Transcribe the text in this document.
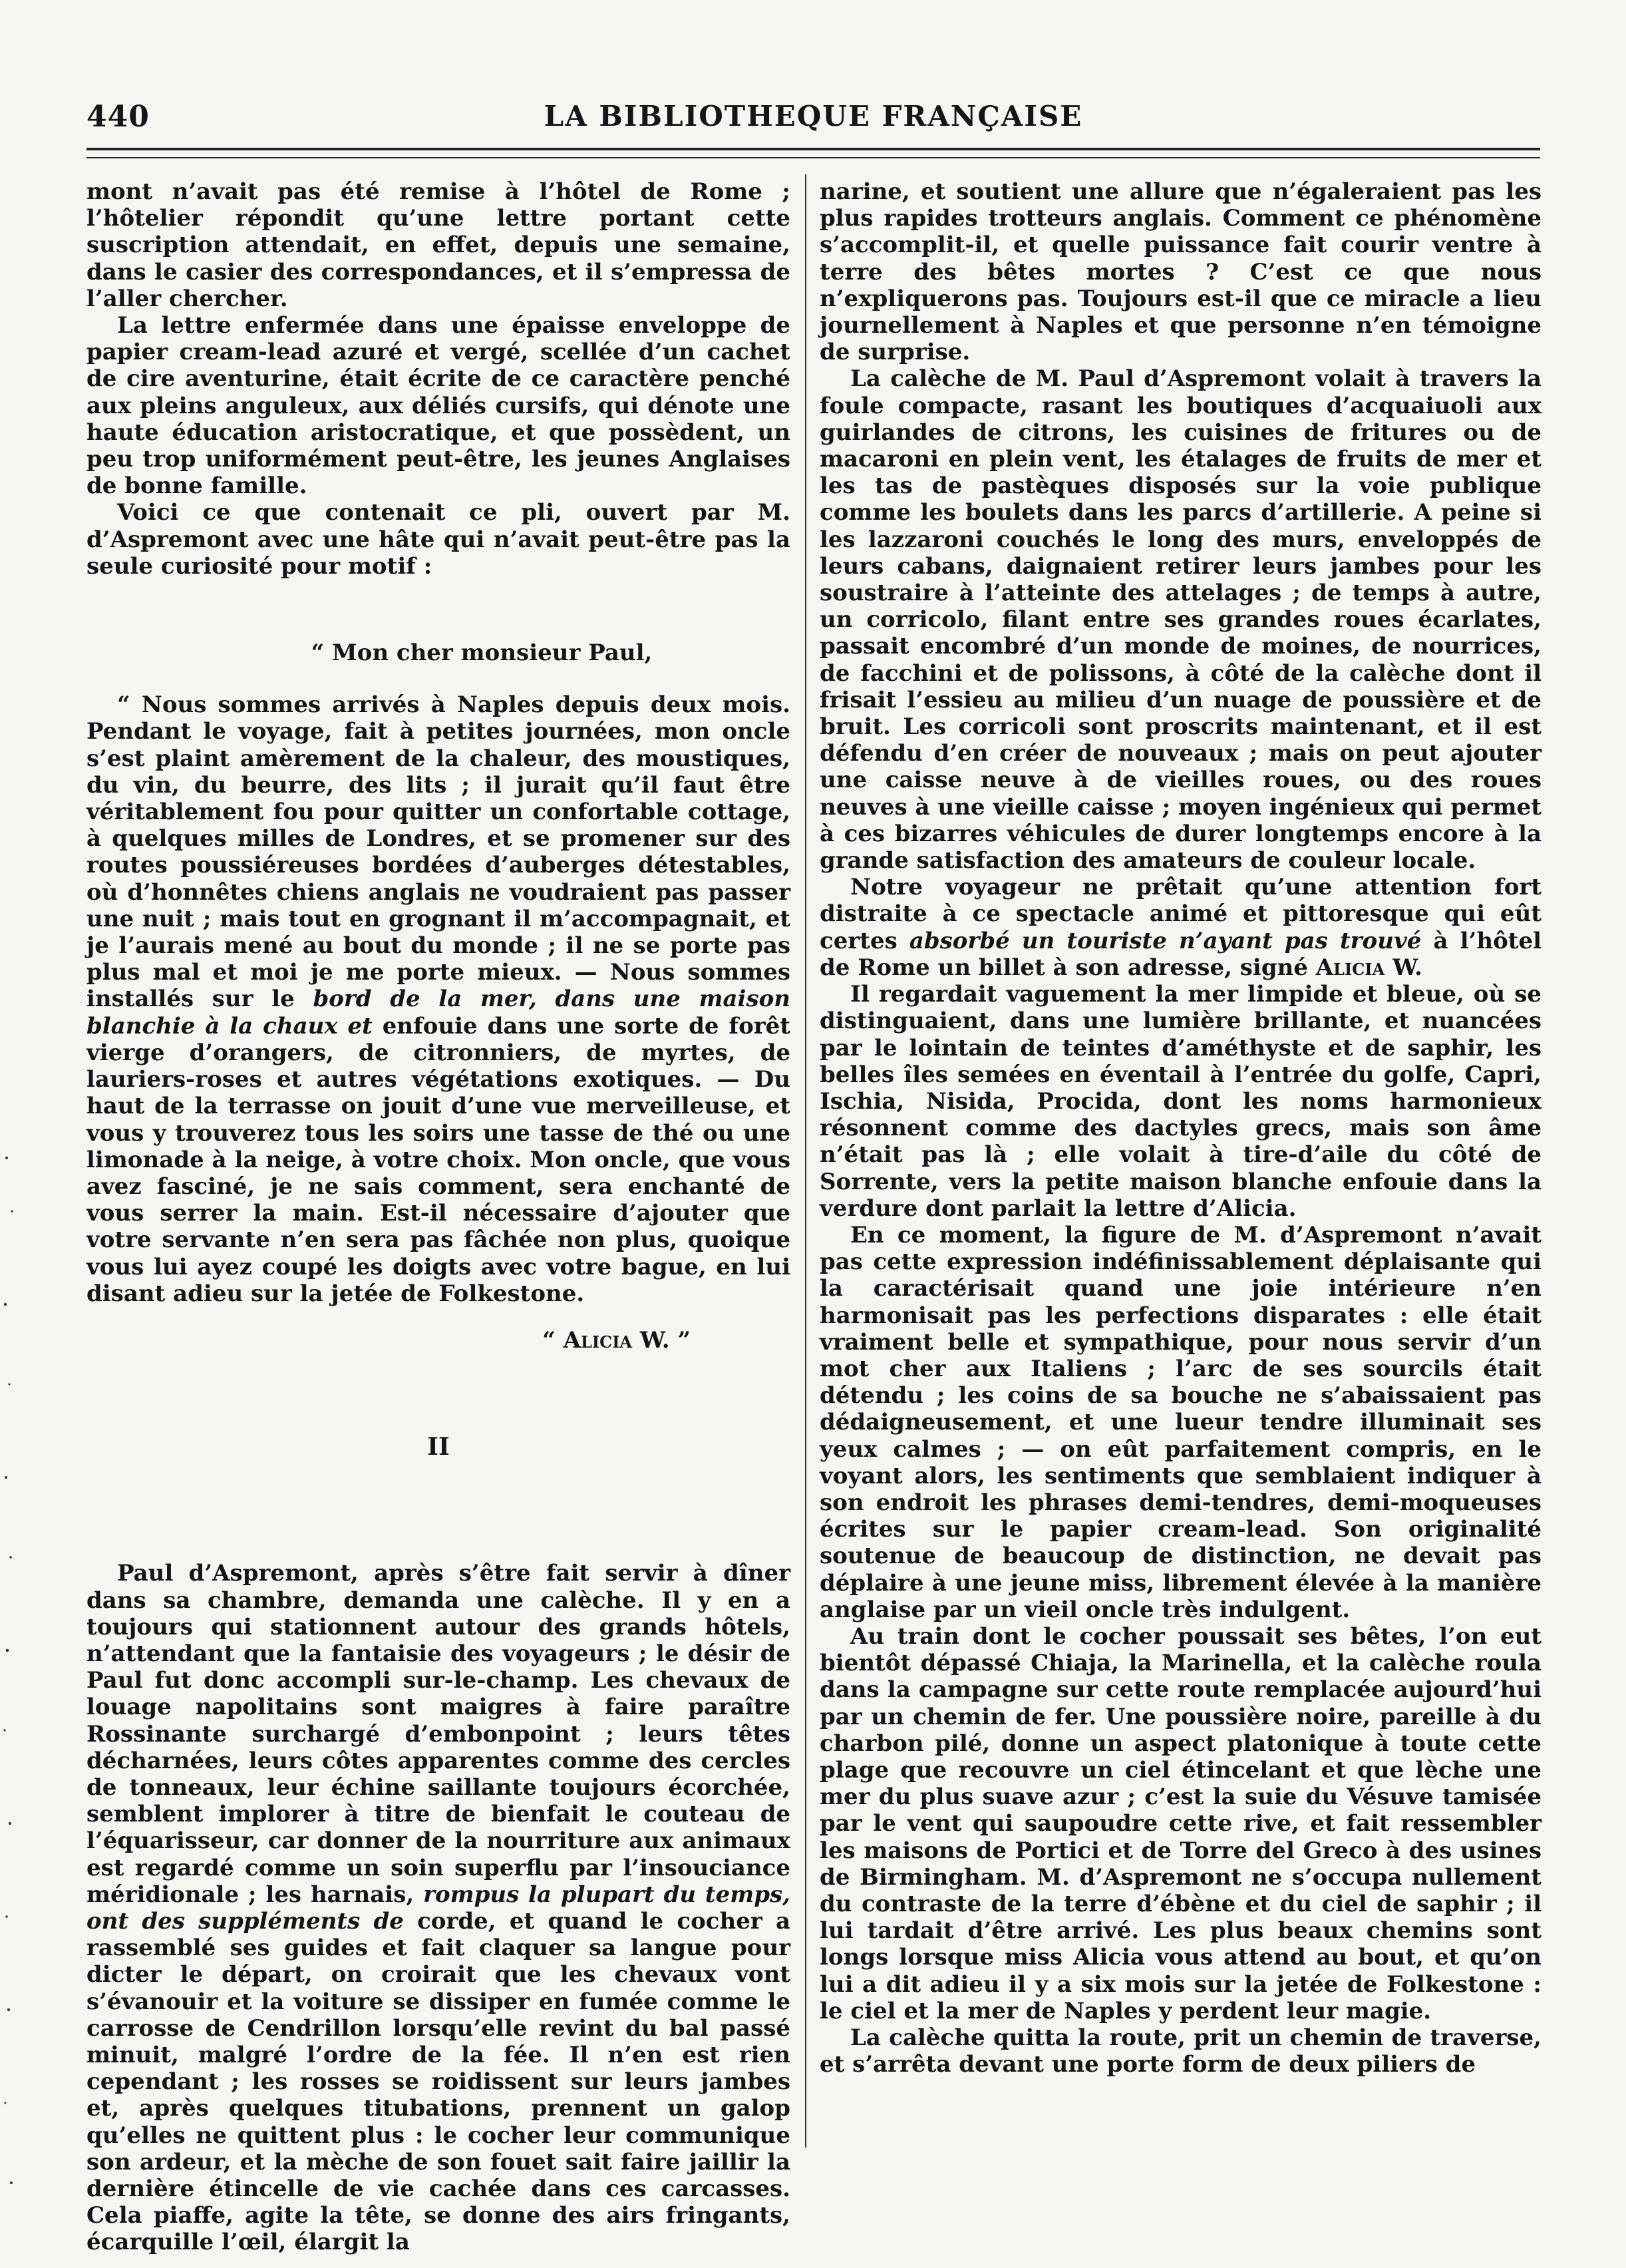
440	LA BIBLIOTHEQUE FRANÇAISE

mont n’avait pas été remise à l’hôtel de Rome ; l’hôtelier répondit qu’une lettre portant cette suscription attendait, en effet, depuis une semaine, dans le casier des correspondances, et il s’empressa de l’aller chercher.

La lettre enfermée dans une épaisse enveloppe de papier cream-lead azuré et vergé, scellée d’un cachet de cire aventurine, était écrite de ce caractère penché aux pleins anguleux, aux déliés cursifs, qui dénote une haute éducation aristocratique, et que possèdent, un peu trop uniformément peut-être, les jeunes Anglaises de bonne famille.

Voici ce que contenait ce pli, ouvert par M. d’Aspremont avec une hâte qui n’avait peut-être pas la seule curiosité pour motif :

“ Mon cher monsieur Paul,

“ Nous sommes arrivés à Naples depuis deux mois. Pendant le voyage, fait à petites journées, mon oncle s’est plaint amèrement de la chaleur, des moustiques, du vin, du beurre, des lits ; il jurait qu’il faut être véritablement fou pour quitter un confortable cottage, à quelques milles de Londres, et se promener sur des routes poussiéreuses bordées d’auberges détestables, où d’honnêtes chiens anglais ne voudraient pas passer une nuit ; mais tout en grognant il m’accompagnait, et je l’aurais mené au bout du monde ; il ne se porte pas plus mal et moi je me porte mieux. — Nous sommes installés sur le bord de la mer, dans une maison blanchie à la chaux et enfouie dans une sorte de forêt vierge d’orangers, de citronniers, de myrtes, de lauriers-roses et autres végétations exotiques. — Du haut de la terrasse on jouit d’une vue merveilleuse, et vous y trouverez tous les soirs une tasse de thé ou une limonade à la neige, à votre choix. Mon oncle, que vous avez fasciné, je ne sais comment, sera enchanté de vous serrer la main. Est-il nécessaire d’ajouter que votre servante n’en sera pas fâchée non plus, quoique vous lui ayez coupé les doigts avec votre bague, en lui disant adieu sur la jetée de Folkestone.

“ Alicia W. ”

II

Paul d’Aspremont, après s’être fait servir à dîner dans sa chambre, demanda une calèche. Il y en a toujours qui stationnent autour des grands hôtels, n’attendant que la fantaisie des voyageurs ; le désir de Paul fut donc accompli sur-le-champ. Les chevaux de louage napolitains sont maigres à faire paraître Rossinante surchargé d’embonpoint ; leurs têtes décharnées, leurs côtes apparentes comme des cercles de tonneaux, leur échine saillante toujours écorchée, semblent implorer à titre de bienfait le couteau de l’équarisseur, car donner de la nourriture aux animaux est regardé comme un soin superflu par l’insouciance méridionale ; les harnais, rompus la plupart du temps, ont des suppléments de corde, et quand le cocher a rassemblé ses guides et fait claquer sa langue pour dicter le départ, on croirait que les chevaux vont s’évanouir et la voiture se dissiper en fumée comme le carrosse de Cendrillon lorsqu’elle revint du bal passé minuit, malgré l’ordre de la fée. Il n’en est rien cependant ; les rosses se roidissent sur leurs jambes et, après quelques titubations, prennent un galop qu’elles ne quittent plus : le cocher leur communique son ardeur, et la mèche de son fouet sait faire jaillir la dernière étincelle de vie cachée dans ces carcasses. Cela piaffe, agite la tête, se donne des airs fringants, écarquille l’œil, élargit la

narine, et soutient une allure que n’égaleraient pas les plus rapides trotteurs anglais. Comment ce phénomène s’accomplit-il, et quelle puissance fait courir ventre à terre des bêtes mortes ? C’est ce que nous n’expliquerons pas. Toujours est-il que ce miracle a lieu journellement à Naples et que personne n’en témoigne de surprise.

La calèche de M. Paul d’Aspremont volait à travers la foule compacte, rasant les boutiques d’acquaiuoli aux guirlandes de citrons, les cuisines de fritures ou de macaroni en plein vent, les étalages de fruits de mer et les tas de pastèques disposés sur la voie publique comme les boulets dans les parcs d’artillerie. A peine si les lazzaroni couchés le long des murs, enveloppés de leurs cabans, daignaient retirer leurs jambes pour les soustraire à l’atteinte des attelages ; de temps à autre, un corricolo, filant entre ses grandes roues écarlates, passait encombré d’un monde de moines, de nourrices, de facchini et de polissons, à côté de la calèche dont il frisait l’essieu au milieu d’un nuage de poussière et de bruit. Les corricoli sont proscrits maintenant, et il est défendu d’en créer de nouveaux ; mais on peut ajouter une caisse neuve à de vieilles roues, ou des roues neuves à une vieille caisse ; moyen ingénieux qui permet à ces bizarres véhicules de durer longtemps encore à la grande satisfaction des amateurs de couleur locale.

Notre voyageur ne prêtait qu’une attention fort distraite à ce spectacle animé et pittoresque qui eût certes absorbé un touriste n’ayant pas trouvé à l’hôtel de Rome un billet à son adresse, signé Alicia W.

Il regardait vaguement la mer limpide et bleue, où se distinguaient, dans une lumière brillante, et nuancées par le lointain de teintes d’améthyste et de saphir, les belles îles semées en éventail à l’entrée du golfe, Capri, Ischia, Nisida, Procida, dont les noms harmonieux résonnent comme des dactyles grecs, mais son âme n’était pas là ; elle volait à tire-d’aile du côté de Sorrente, vers la petite maison blanche enfouie dans la verdure dont parlait la lettre d’Alicia.

En ce moment, la figure de M. d’Aspremont n’avait pas cette expression indéfinissablement déplaisante qui la caractérisait quand une joie intérieure n’en harmonisait pas les perfections disparates : elle était vraiment belle et sympathique, pour nous servir d’un mot cher aux Italiens ; l’arc de ses sourcils était détendu ; les coins de sa bouche ne s’abaissaient pas dédaigneusement, et une lueur tendre illuminait ses yeux calmes ; — on eût parfaitement compris, en le voyant alors, les sentiments que semblaient indiquer à son endroit les phrases demi-tendres, demi-moqueuses écrites sur le papier cream-lead. Son originalité soutenue de beaucoup de distinction, ne devait pas déplaire à une jeune miss, librement élevée à la manière anglaise par un vieil oncle très indulgent.

Au train dont le cocher poussait ses bêtes, l’on eut bientôt dépassé Chiaja, la Marinella, et la calèche roula dans la campagne sur cette route remplacée aujourd’hui par un chemin de fer. Une poussière noire, pareille à du charbon pilé, donne un aspect platonique à toute cette plage que recouvre un ciel étincelant et que lèche une mer du plus suave azur ; c’est la suie du Vésuve tamisée par le vent qui saupoudre cette rive, et fait ressembler les maisons de Portici et de Torre del Greco à des usines de Birmingham. M. d’Aspremont ne s’occupa nullement du contraste de la terre d’ébène et du ciel de saphir ; il lui tardait d’être arrivé. Les plus beaux chemins sont longs lorsque miss Alicia vous attend au bout, et qu’on lui a dit adieu il y a six mois sur la jetée de Folkestone : le ciel et la mer de Naples y perdent leur magie.

La calèche quitta la route, prit un chemin de traverse, et s’arrêta devant une porte form de deux piliers de
